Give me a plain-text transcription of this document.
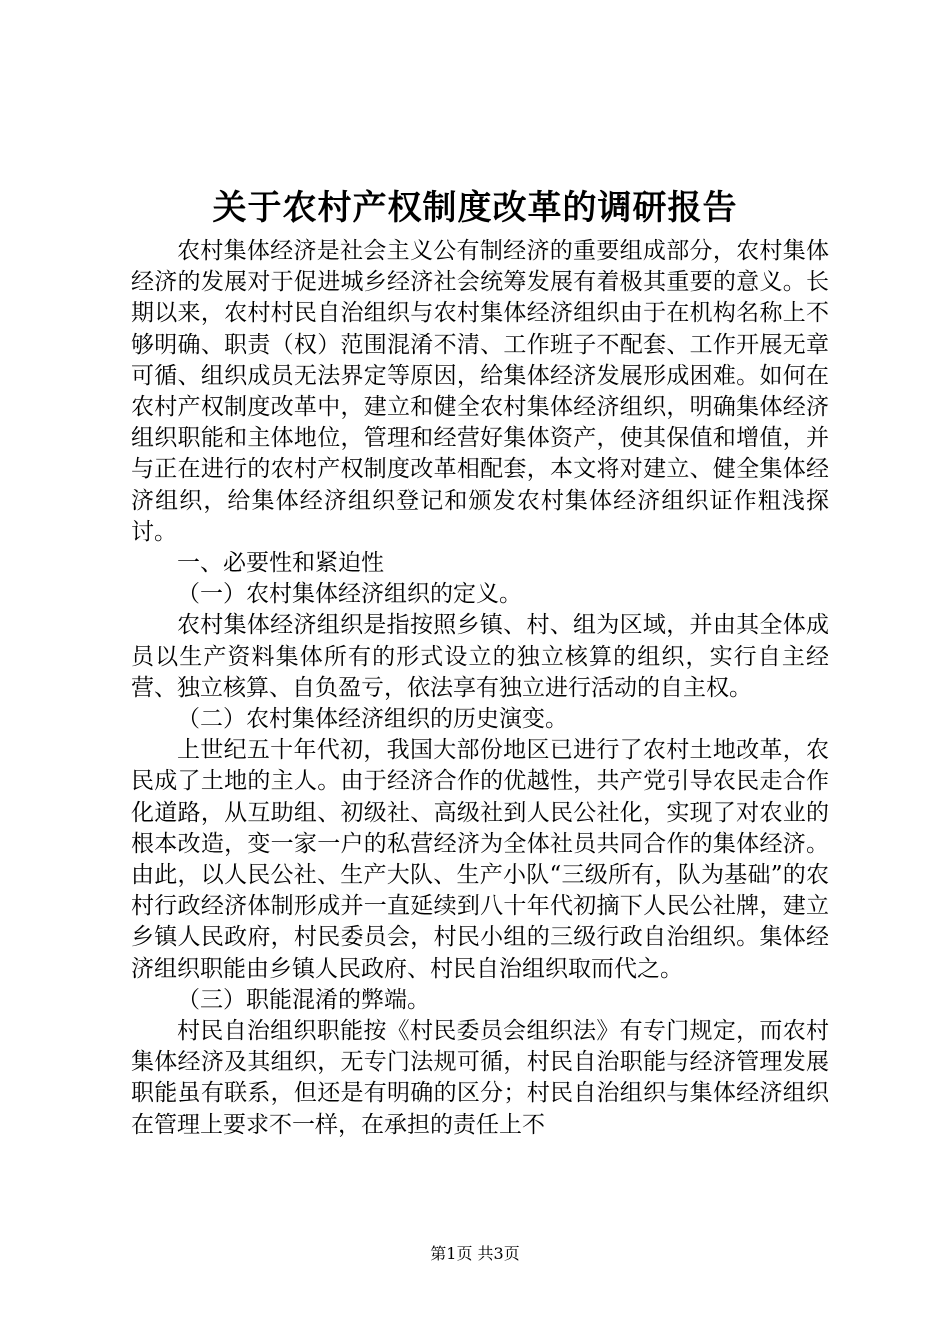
关于农村产权制度改革的调研报告

农村集体经济是社会主义公有制经济的重要组成部分，农村集体经济的发展对于促进城乡经济社会统筹发展有着极其重要的意义。长期以来，农村村民自治组织与农村集体经济组织由于在机构名称上不够明确、职责（权）范围混淆不清、工作班子不配套、工作开展无章可循、组织成员无法界定等原因，给集体经济发展形成困难。如何在农村产权制度改革中，建立和健全农村集体经济组织，明确集体经济组织职能和主体地位，管理和经营好集体资产，使其保值和增值，并与正在进行的农村产权制度改革相配套，本文将对建立、健全集体经济组织，给集体经济组织登记和颁发农村集体经济组织证作粗浅探讨。

一、必要性和紧迫性

（一）农村集体经济组织的定义。

农村集体经济组织是指按照乡镇、村、组为区域，并由其全体成员以生产资料集体所有的形式设立的独立核算的组织，实行自主经营、独立核算、自负盈亏，依法享有独立进行活动的自主权。

（二）农村集体经济组织的历史演变。

上世纪五十年代初，我国大部份地区已进行了农村土地改革，农民成了土地的主人。由于经济合作的优越性，共产党引导农民走合作化道路，从互助组、初级社、高级社到人民公社化，实现了对农业的根本改造，变一家一户的私营经济为全体社员共同合作的集体经济。由此，以人民公社、生产大队、生产小队“三级所有，队为基础”的农村行政经济体制形成并一直延续到八十年代初摘下人民公社牌，建立乡镇人民政府，村民委员会，村民小组的三级行政自治组织。集体经济组织职能由乡镇人民政府、村民自治组织取而代之。

（三）职能混淆的弊端。

村民自治组织职能按《村民委员会组织法》有专门规定，而农村集体经济及其组织，无专门法规可循，村民自治职能与经济管理发展职能虽有联系，但还是有明确的区分；村民自治组织与集体经济组织在管理上要求不一样，在承担的责任上不

第1页 共3页
